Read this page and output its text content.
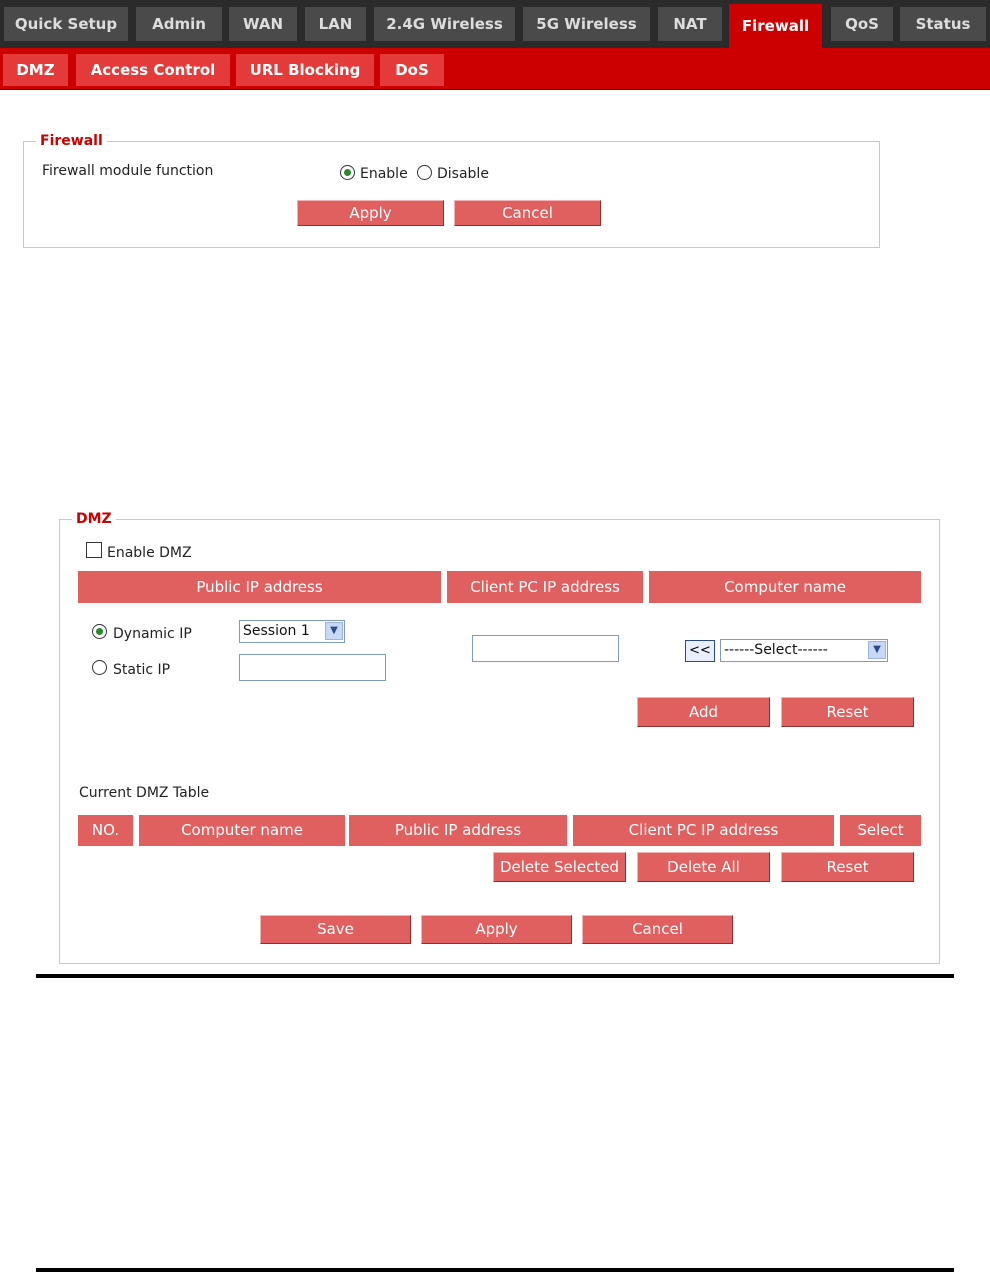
Quick Setup	Admin	WAN	LAN	2.4G Wireless	5G Wireless	NAT	Firewall	QoS	Status
DMZ	Access Control	URL Blocking	DoS
Firewall
Firewall module function	Enable Disable
Apply	Cancel
DMZ
Enable DMZ
Public IP address	Client PC IP address	Computer name
Dynamic IP	Session 1	▼
Static IP
<< ------Select------	▼
Add	Reset
Current DMZ Table
NO.	Computer name	Public IP address	Client PC IP address	Select
Delete Selected	Delete All	Reset
Save	Apply	Cancel
